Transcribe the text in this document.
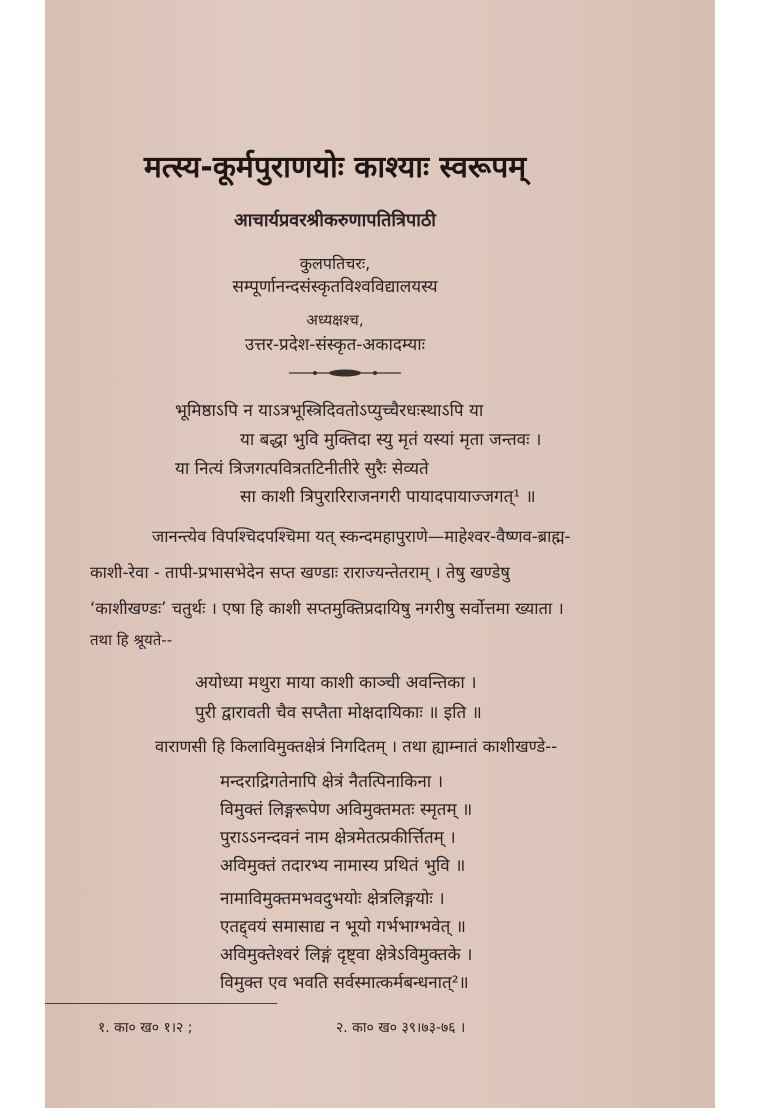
मत्स्य-कूर्मपुराणयोः काश्याः स्वरूपम्
आचार्यप्रवरश्रीकरुणापतित्रिपाठी
कुलपतिचरः,
सम्पूर्णानन्दसंस्कृतविश्वविद्यालयस्य
अध्यक्षश्च,
उत्तर-प्रदेश-संस्कृत-अकादम्याः
भूमिष्ठाऽपि न याऽत्रभूस्त्रिदिवतोऽप्युच्चैरधःस्थाऽपि या
या बद्धा भुवि मुक्तिदा स्यु मृतं यस्यां मृता जन्तवः ।
या नित्यं त्रिजगत्पवित्रतटिनीतीरे सुरैः सेव्यते
सा काशी त्रिपुरारिराजनगरी पायादपायाज्जगत्¹ ॥
जानन्त्येव विपश्चिदपश्चिमा यत् स्कन्दमहापुराणे—माहेश्वर-वैष्णव-ब्राह्म-
काशी-रेवा - तापी-प्रभासभेदेन सप्त खण्डाः राराज्यन्तेतराम् । तेषु खण्डेषु
‘काशीखण्डः’ चतुर्थः । एषा हि काशी सप्तमुक्तिप्रदायिषु नगरीषु सर्वोत्तमा ख्याता ।
तथा हि श्रूयते--
अयोध्या मथुरा माया काशी काञ्ची अवन्तिका ।
पुरी द्वारावती चैव सप्तैता मोक्षदायिकाः ॥ इति ॥
वाराणसी हि किलाविमुक्तक्षेत्रं निगदितम् । तथा ह्याम्नातं काशीखण्डे--
मन्दराद्रिगतेनापि क्षेत्रं नैतत्पिनाकिना ।
विमुक्तं लिङ्गरूपेण अविमुक्तमतः स्मृतम् ॥
पुराऽऽनन्दवनं नाम क्षेत्रमेतत्प्रकीर्त्तितम् ।
अविमुक्तं तदारभ्य नामास्य प्रथितं भुवि ॥
नामाविमुक्तमभवदुभयोः क्षेत्रलिङ्गयोः ।
एतद्द्वयं समासाद्य न भूयो गर्भभाग्भवेत् ॥
अविमुक्तेश्वरं लिङ्गं दृष्ट्वा क्षेत्रेऽविमुक्तके ।
विमुक्त एव भवति सर्वस्मात्कर्मबन्धनात्²॥
१. का० ख० १।२ ;	२. का० ख० ३९।७३-७६ ।
